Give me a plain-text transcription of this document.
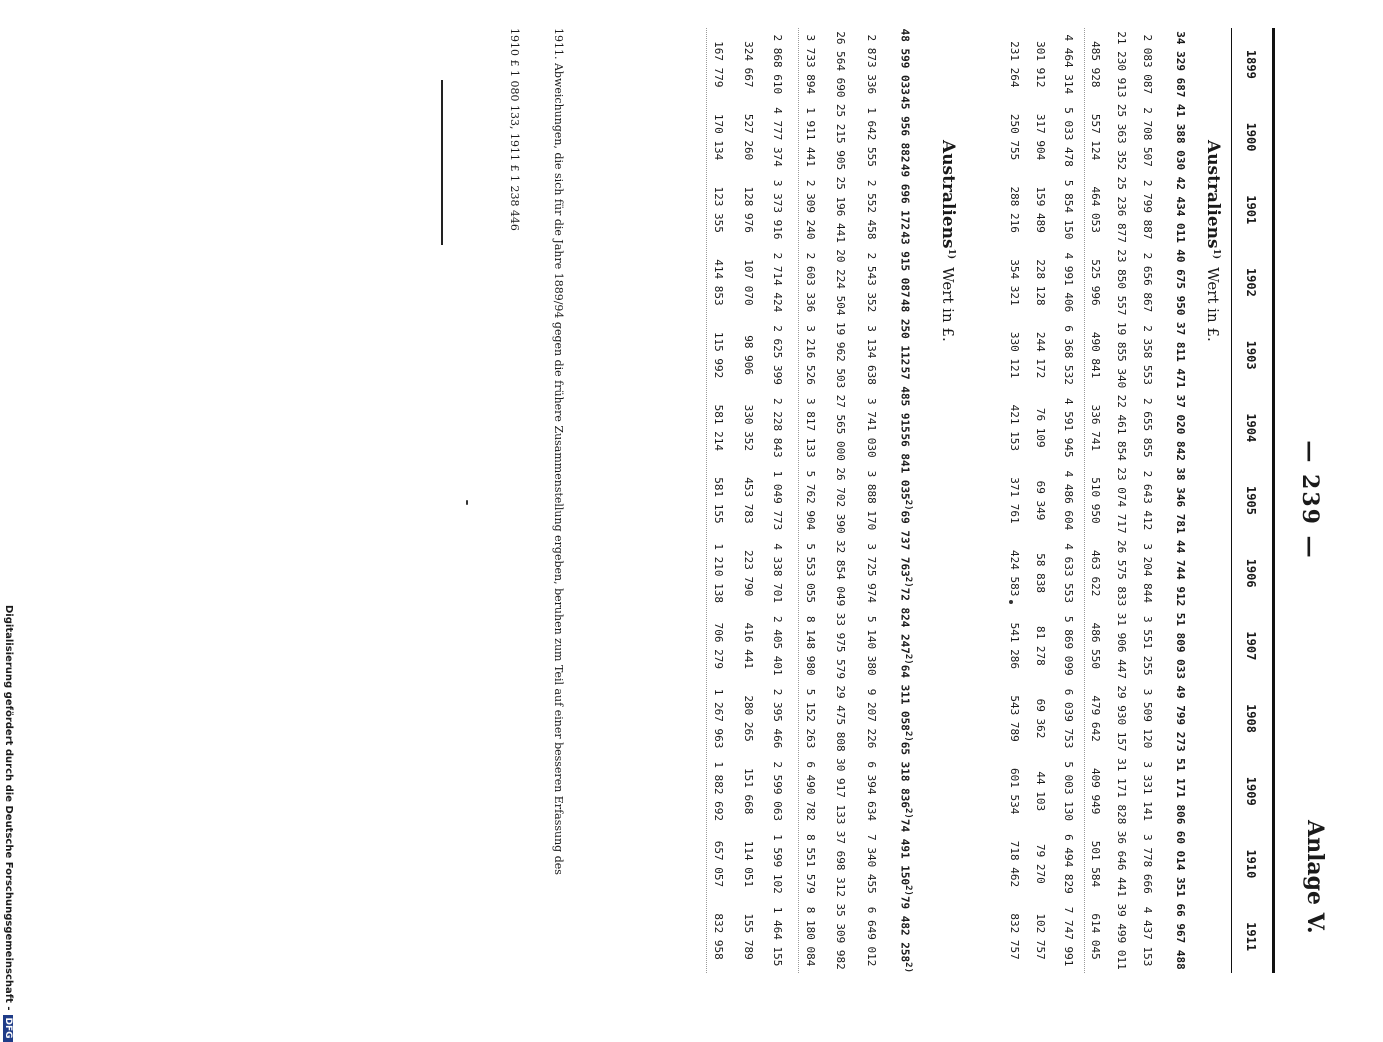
— 239 —
Anlage V.
1899
1900
1901
1902
1903
1904
1905
1906
1907
1908
1909
1910
1911
Australiens$^{1)}$Wert in £.
34 329 687
41 388 030
42 434 011
40 675 950
37 811 471
37 020 842
38 346 781
44 744 912
51 809 033
49 799 273
51 171 806
60 014 351
66 967 488
2 083 087
2 708 507
2 799 887
2 656 867
2 358 553
2 655 855
2 643 412
3 204 844
3 551 255
3 509 120
3 331 141
3 778 666
4 437 153
21 230 913
25 363 352
25 236 877
23 850 557
19 855 340
22 461 854
23 074 717
26 575 833
31 906 447
29 930 157
31 171 828
36 646 441
39 499 011
485 928
557 124
464 053
525 996
490 841
336 741
510 950
463 622
486 550
479 642
409 949
501 584
614 045
4 464 314
5 033 478
5 854 150
4 991 406
6 368 532
4 591 945
4 486 604
4 633 553
5 869 099
6 039 753
5 003 130
6 494 829
7 747 991
301 912
317 904
159 489
228 128
244 172
76 109
69 349
58 838
81 278
69 362
44 103
79 270
102 757
231 264
250 755
288 216
354 321
330 121
421 153
371 761
424 583
541 286
543 789
601 534
718 462
832 757
Australiens$^{1)}$Wert in £.
48 599 033
45 956 882
49 696 172
43 915 087
48 250 112
57 485 915
56 841 035$^{2)}$
69 737 763$^{2)}$
72 824 247$^{2)}$
64 311 058$^{2)}$
65 318 836$^{2)}$
74 491 150$^{2)}$
79 482 258$^{2)}$
2 873 336
1 642 555
2 552 458
2 543 352
3 134 638
3 741 030
3 888 170
3 725 974
5 140 380
9 207 226
6 394 634
7 340 455
6 649 012
26 564 690
25 215 905
25 196 441
20 224 504
19 962 503
27 565 000
26 702 390
32 854 049
33 975 579
29 475 808
30 917 133
37 698 312
35 309 982
3 733 894
1 911 441
2 309 240
2 603 336
3 216 526
3 817 133
5 762 904
5 553 055
8 148 980
5 152 263
6 490 782
8 551 579
8 180 084
2 868 610
4 777 374
3 373 916
2 714 424
2 625 399
2 228 843
1 049 773
4 338 701
2 405 401
2 395 466
2 599 063
1 599 102
1 464 155
324 667
527 260
128 976
107 070
98 906
330 352
453 783
223 790
416 441
280 265
151 668
114 051
155 789
167 779
170 134
123 355
414 853
115 992
581 214
581 155
1 210 138
706 279
1 267 963
1 882 692
657 057
832 958
1911. Abweichungen, die sich für die Jahre 1889/94 gegen die frühere Zusammenstellung ergeben, beruhen zum Teil auf einer besseren Erfassung des
1910 £ 1 080 133, 1911 £ 1 238 446
Digitalisierung gefördert durch die Deutsche Forschungsgemeinschaft -DFG
